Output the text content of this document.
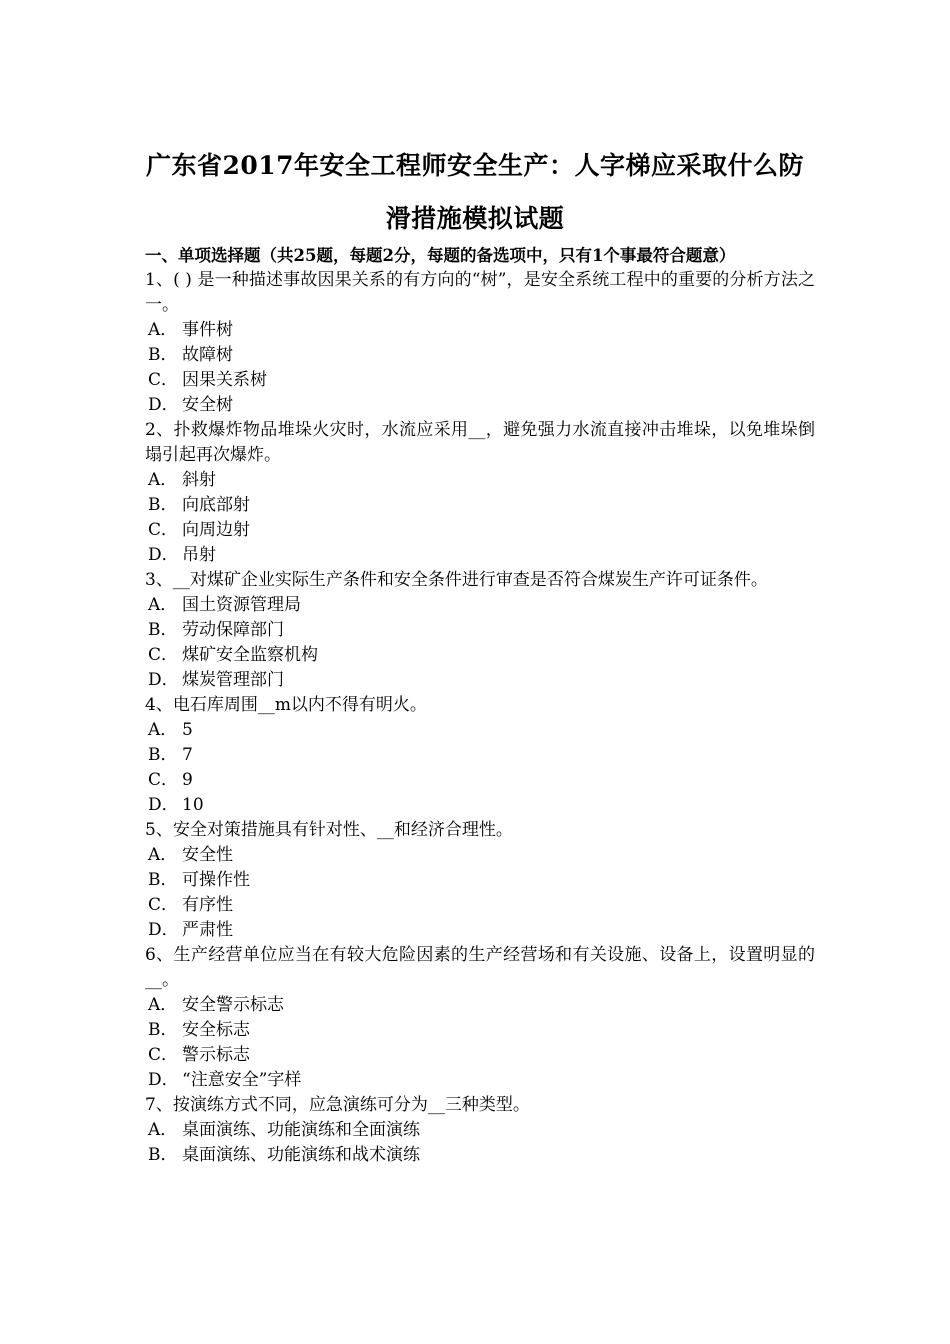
广东省2017年安全工程师安全生产：人字梯应采取什么防
滑措施模拟试题
一、单项选择题（共25题，每题2分，每题的备选项中，只有1个事最符合题意）
1、( ) 是一种描述事故因果关系的有方向的“树”，是安全系统工程中的重要的分析方法之一。
A． 事件树
B． 故障树
C． 因果关系树
D． 安全树
2、扑救爆炸物品堆垛火灾时，水流应采用__，避免强力水流直接冲击堆垛，以免堆垛倒塌引起再次爆炸。
A． 斜射
B． 向底部射
C． 向周边射
D． 吊射
3、__对煤矿企业实际生产条件和安全条件进行审查是否符合煤炭生产许可证条件。
A． 国土资源管理局
B． 劳动保障部门
C． 煤矿安全监察机构
D． 煤炭管理部门
4、电石库周围__m以内不得有明火。
A． 5
B． 7
C． 9
D． 10
5、安全对策措施具有针对性、__和经济合理性。
A． 安全性
B． 可操作性
C． 有序性
D． 严肃性
6、生产经营单位应当在有较大危险因素的生产经营场和有关设施、设备上，设置明显的__。
A． 安全警示标志
B． 安全标志
C． 警示标志
D． “注意安全”字样
7、按演练方式不同，应急演练可分为__三种类型。
A． 桌面演练、功能演练和全面演练
B． 桌面演练、功能演练和战术演练
